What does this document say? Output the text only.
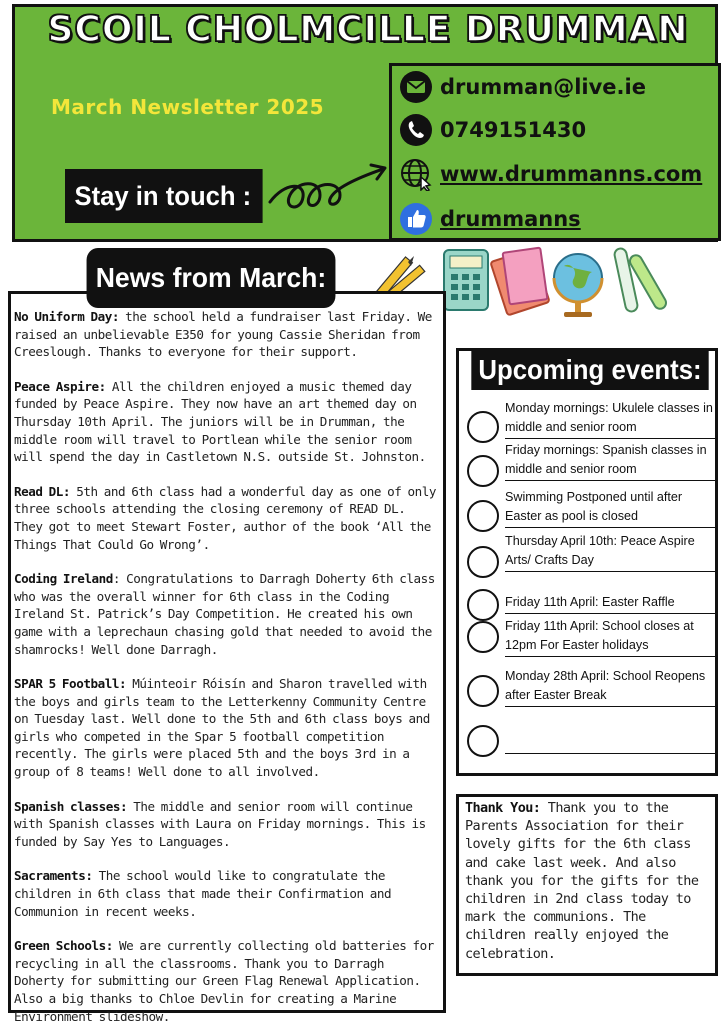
SCOIL CHOLMCILLE DRUMMAN
March Newsletter 2025
Stay in touch :
drumman@live.ie
0749151430
www.drummanns.com
drummanns
No Uniform Day: the school held a fundraiser last Friday. We raised an unbelievable E350 for young Cassie Sheridan from Creeslough. Thanks to everyone for their support.
Peace Aspire: All the children enjoyed a music themed day funded by Peace Aspire. They now have an art themed day on Thursday 10th April. The juniors will be in Drumman, the middle room will travel to Portlean while the senior room will spend the day in Castletown N.S. outside St. Johnston.
Read DL: 5th and 6th class had a wonderful day as one of only three schools attending the closing ceremony of READ DL. They got to meet Stewart Foster, author of the book ‘All the Things That Could Go Wrong’.
Coding Ireland: Congratulations to Darragh Doherty 6th class who was the overall winner for 6th class in the Coding Ireland St. Patrick’s Day Competition. He created his own game with a leprechaun chasing gold that needed to avoid the shamrocks! Well done Darragh.
SPAR 5 Football: Múinteoir Róisín and Sharon travelled with the boys and girls team to the Letterkenny Community Centre on Tuesday last. Well done to the 5th and 6th class boys and girls who competed in the Spar 5 football competition recently. The girls were placed 5th and the boys 3rd in a group of 8 teams! Well done to all involved.
Spanish classes: The middle and senior room will continue with Spanish classes with Laura on Friday mornings. This is funded by Say Yes to Languages.
Sacraments: The school would like to congratulate the children in 6th class that made their Confirmation and Communion in recent weeks.
Green Schools: We are currently collecting old batteries for recycling in all the classrooms. Thank you to Darragh Doherty for submitting our Green Flag Renewal Application. Also a big thanks to Chloe Devlin for creating a Marine Environment slideshow.
News from March:
Upcoming events:
Monday mornings: Ukulele classes in middle and senior room
Friday mornings: Spanish classes in middle and senior room
Swimming Postponed until after Easter as pool is closed
Thursday April 10th: Peace Aspire Arts/ Crafts Day
Friday 11th April: Easter Raffle
Friday 11th April: School closes at 12pm For Easter holidays
Monday 28th April: School Reopens after Easter Break
Thank You: Thank you to the Parents Association for their lovely gifts for the 6th class and cake last week. And also thank you for the gifts for the children in 2nd class today to mark the communions. The children really enjoyed the celebration.
